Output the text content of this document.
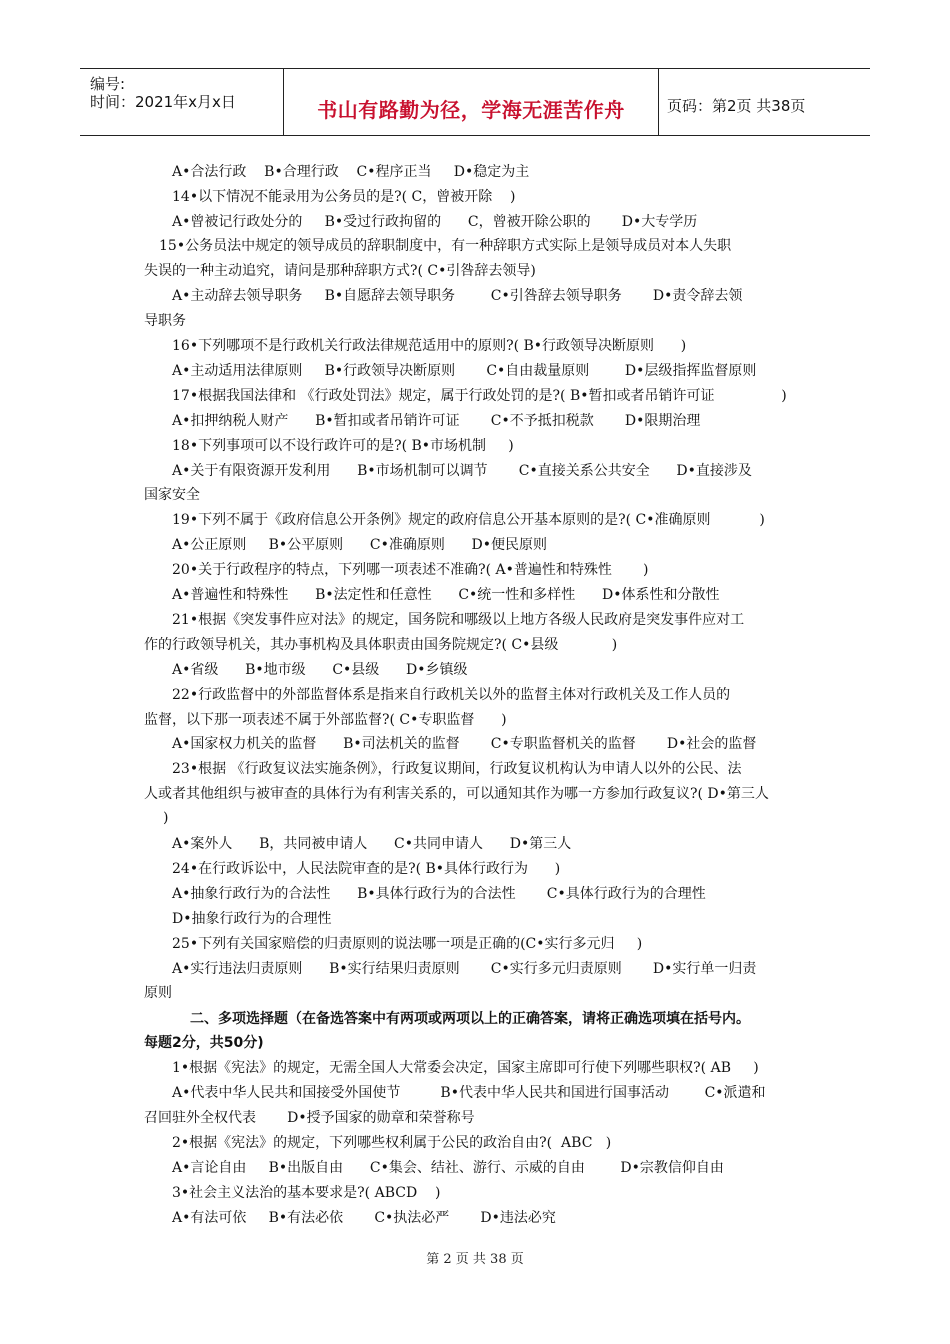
编号:
时间：2021年x月x日	书山有路勤为径，学海无涯苦作舟	页码：第2页 共38页
A•合法行政    B•合理行政    C•程序正当     D•稳定为主
14•以下情况不能录用为公务员的是?( C，曾被开除    )
A•曾被记行政处分的     B•受过行政拘留的      C，曾被开除公职的       D•大专学历
15•公务员法中规定的领导成员的辞职制度中，有一种辞职方式实际上是领导成员对本人失职
失误的一种主动追究，请问是那种辞职方式?( C•引咎辞去领导)
A•主动辞去领导职务     B•自愿辞去领导职务        C•引咎辞去领导职务       D•责令辞去领
导职务
16•下列哪项不是行政机关行政法律规范适用中的原则?( B•行政领导决断原则      )
A•主动适用法律原则     B•行政领导决断原则       C•自由裁量原则        D•层级指挥监督原则
17•根据我国法律和 《行政处罚法》规定，属于行政处罚的是?( B•暂扣或者吊销许可证               )
A•扣押纳税人财产      B•暂扣或者吊销许可证       C•不予抵扣税款       D•限期治理
18•下列事项可以不设行政许可的是?( B•市场机制     )
A•关于有限资源开发利用      B•市场机制可以调节       C•直接关系公共安全      D•直接涉及
国家安全
19•下列不属于《政府信息公开条例》规定的政府信息公开基本原则的是?( C•准确原则           )
A•公正原则     B•公平原则      C•准确原则      D•便民原则
20•关于行政程序的特点，下列哪一项表述不准确?( A•普遍性和特殊性       )
A•普遍性和特殊性      B•法定性和任意性      C•统一性和多样性      D•体系性和分散性
21•根据《突发事件应对法》的规定，国务院和哪级以上地方各级人民政府是突发事件应对工
作的行政领导机关，其办事机构及具体职责由国务院规定?( C•县级            )
A•省级      B•地市级      C•县级      D•乡镇级
22•行政监督中的外部监督体系是指来自行政机关以外的监督主体对行政机关及工作人员的
监督，以下那一项表述不属于外部监督?( C•专职监督      )
A•国家权力机关的监督      B•司法机关的监督       C•专职监督机关的监督       D•社会的监督
23•根据 《行政复议法实施条例》，行政复议期间，行政复议机构认为申请人以外的公民、法
人或者其他组织与被审查的具体行为有利害关系的，可以通知其作为哪一方参加行政复议?( D•第三人
)
A•案外人      B，共同被申请人      C•共同申请人      D•第三人
24•在行政诉讼中，人民法院审查的是?( B•具体行政行为      )
A•抽象行政行为的合法性      B•具体行政行为的合法性       C•具体行政行为的合理性
D•抽象行政行为的合理性
25•下列有关国家赔偿的归责原则的说法哪一项是正确的(C•实行多元归     )
A•实行违法归责原则      B•实行结果归责原则       C•实行多元归责原则       D•实行单一归责
原则
二、多项选择题（在备选答案中有两项或两项以上的正确答案，请将正确选项填在括号内。
每题2分，共50分)
1•根据《宪法》的规定，无需全国人大常委会决定，国家主席即可行使下列哪些职权?( AB     )
A•代表中华人民共和国接受外国使节         B•代表中华人民共和国进行国事活动        C•派遣和
召回驻外全权代表       D•授予国家的勋章和荣誉称号
2•根据《宪法》的规定，下列哪些权利属于公民的政治自由?(  ABC   )
A•言论自由     B•出版自由      C•集会、结社、游行、示威的自由        D•宗教信仰自由
3•社会主义法治的基本要求是?( ABCD    )
A•有法可依     B•有法必依       C•执法必严       D•违法必究
第 2 页 共 38 页
